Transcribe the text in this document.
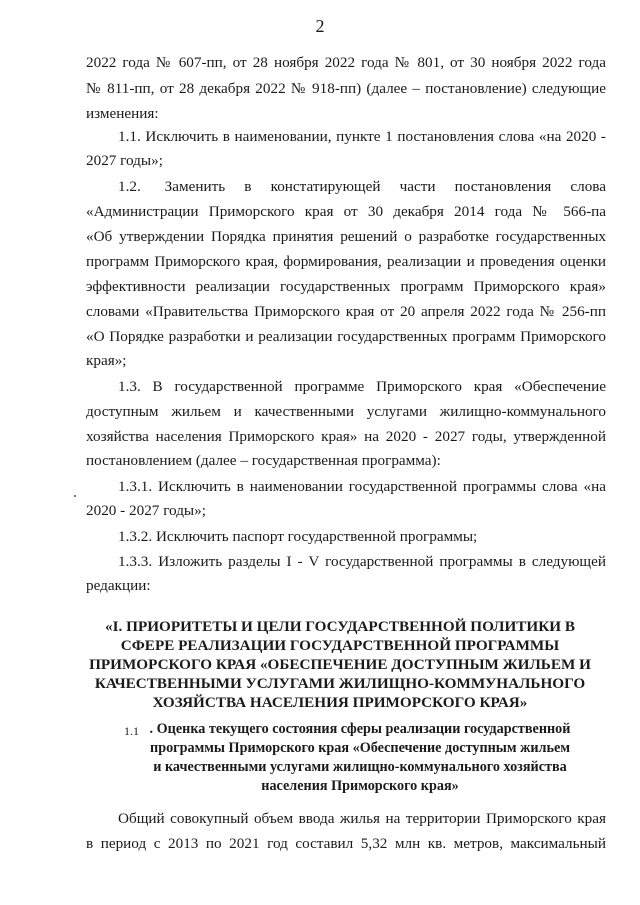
2
2022 года № 607-пп, от 28 ноября 2022 года № 801, от 30 ноября 2022 года
№ 811-пп, от 28 декабря 2022 № 918-пп) (далее – постановление) следующие
изменения:
1.1. Исключить в наименовании, пункте 1 постановления слова «на 2020 -
2027 годы»;
1.2.     Заменить    в    констатирующей    части    постановления    слова
«Администрации Приморского края от 30 декабря 2014 года № 566-па
«Об утверждении Порядка принятия решений о разработке государственных
программ Приморского края, формирования, реализации и проведения оценки
эффективности реализации государственных программ Приморского края»
словами «Правительства Приморского края от 20 апреля 2022 года № 256-пп
«О Порядке разработки и реализации государственных программ Приморского
края»;
1.3. В государственной программе Приморского края «Обеспечение
доступным жильем и качественными услугами жилищно-коммунального
хозяйства населения Приморского края» на 2020 - 2027 годы, утвержденной
постановлением (далее – государственная программа):
1.3.1. Исключить в наименовании государственной программы слова «на
2020 - 2027 годы»;
1.3.2. Исключить паспорт государственной программы;
1.3.3. Изложить разделы I - V государственной программы в следующей
редакции:
«I. ПРИОРИТЕТЫ И ЦЕЛИ ГОСУДАРСТВЕННОЙ ПОЛИТИКИ В
СФЕРЕ РЕАЛИЗАЦИИ ГОСУДАРСТВЕННОЙ ПРОГРАММЫ
ПРИМОРСКОГО КРАЯ «ОБЕСПЕЧЕНИЕ ДОСТУПНЫМ ЖИЛЬЕМ И
КАЧЕСТВЕННЫМИ УСЛУГАМИ ЖИЛИЩНО-КОММУНАЛЬНОГО
ХОЗЯЙСТВА НАСЕЛЕНИЯ ПРИМОРСКОГО КРАЯ»
1.1 . Оценка текущего состояния сферы реализации государственной
программы Приморского края «Обеспечение доступным жильем
и качественными услугами жилищно-коммунального хозяйства
населения Приморского края»
Общий совокупный объем ввода жилья на территории Приморского края
в период с 2013 по 2021 год составил 5,32 млн кв. метров, максимальный
